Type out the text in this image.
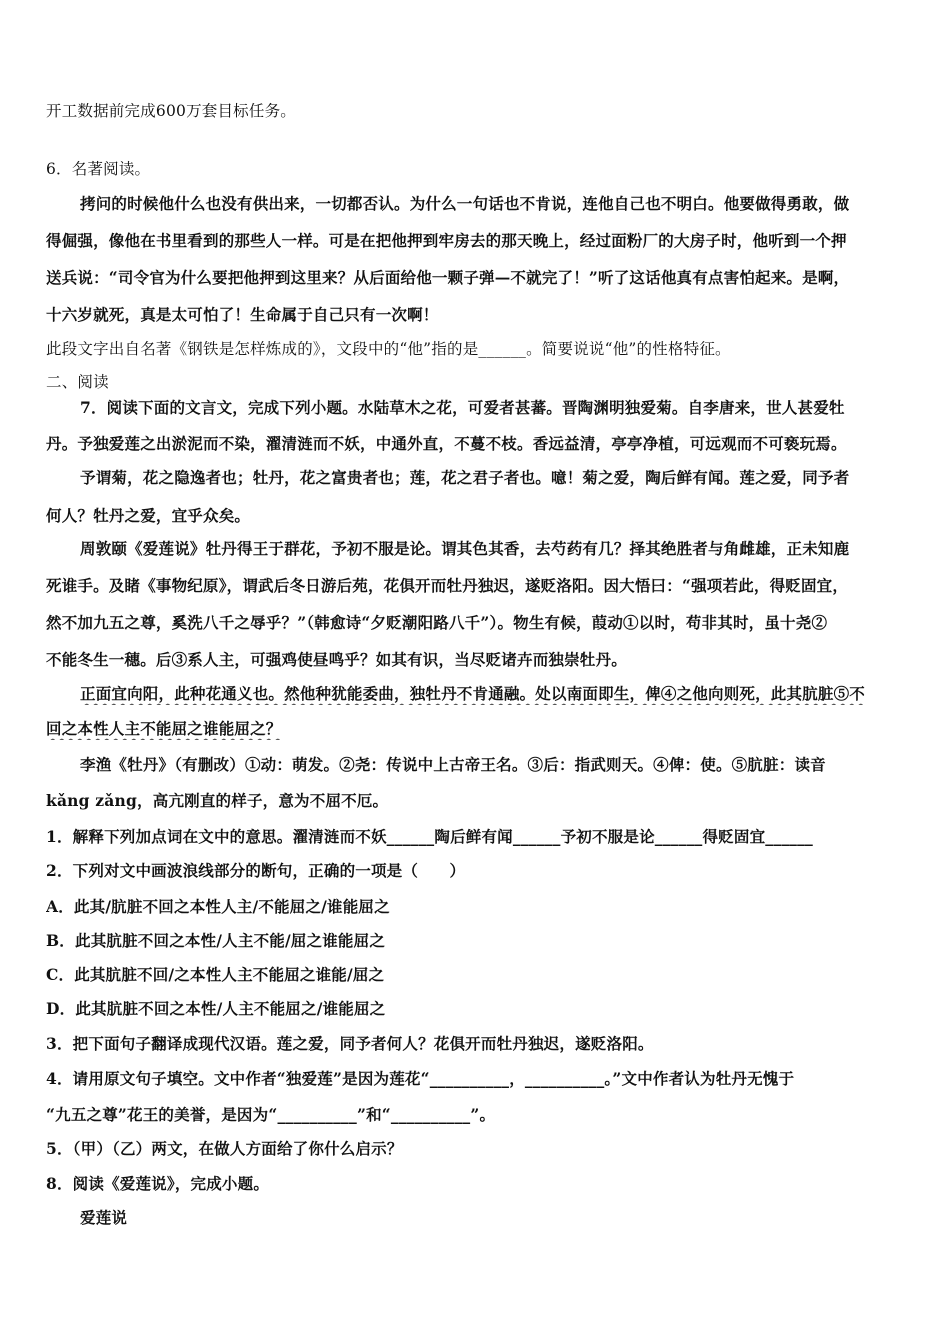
开工数据前完成600万套目标任务。
6．名著阅读。
拷问的时候他什么也没有供出来，一切都否认。为什么一句话也不肯说，连他自己也不明白。他要做得勇敢，做
得倔强，像他在书里看到的那些人一样。可是在把他押到牢房去的那天晚上，经过面粉厂的大房子时，他听到一个押
送兵说：“司令官为什么要把他押到这里来？从后面给他一颗子弹—不就完了！”听了这话他真有点害怕起来。是啊，
十六岁就死，真是太可怕了！生命属于自己只有一次啊！
此段文字出自名著《钢铁是怎样炼成的》，文段中的“他”指的是______。简要说说“他”的性格特征。
二、阅读
7．阅读下面的文言文，完成下列小题。水陆草木之花，可爱者甚蕃。晋陶渊明独爱菊。自李唐来，世人甚爱牡
丹。予独爱莲之出淤泥而不染，濯清涟而不妖，中通外直，不蔓不枝。香远益清，亭亭净植，可远观而不可亵玩焉。
予谓菊，花之隐逸者也；牡丹，花之富贵者也；莲，花之君子者也。噫！菊之爱，陶后鲜有闻。莲之爱，同予者
何人？牡丹之爱，宜乎众矣。
周敦颐《爱莲说》牡丹得王于群花，予初不服是论。谓其色其香，去芍药有几？择其绝胜者与角雌雄，正未知鹿
死谁手。及睹《事物纪原》，谓武后冬日游后苑，花俱开而牡丹独迟，遂贬洛阳。因大悟曰：“强项若此，得贬固宜，
然不加九五之尊，奚洗八千之辱乎？”（韩愈诗“夕贬潮阳路八千”）。物生有候，葭动①以时，苟非其时，虽十尧②
不能冬生一穗。后③系人主，可强鸡使昼鸣乎？如其有识，当尽贬诸卉而独崇牡丹。
正面宜向阳，此种花通义也。然他种犹能委曲，独牡丹不肯通融。处以南面即生，俾④之他向则死，此其肮脏⑤不
回之本性人主不能屈之谁能屈之？
李渔《牡丹》（有删改）①动：萌发。②尧：传说中上古帝王名。③后：指武则天。④俾：使。⑤肮脏：读音
kǎng zǎng，高亢刚直的样子，意为不屈不厄。
1．解释下列加点词在文中的意思。濯清涟而不妖______陶后鲜有闻______予初不服是论______得贬固宜______
2．下列对文中画波浪线部分的断句，正确的一项是（　　）
A．此其/肮脏不回之本性人主/不能屈之/谁能屈之
B．此其肮脏不回之本性/人主不能/屈之谁能屈之
C．此其肮脏不回/之本性人主不能屈之谁能/屈之
D．此其肮脏不回之本性/人主不能屈之/谁能屈之
3．把下面句子翻译成现代汉语。莲之爱，同予者何人？花俱开而牡丹独迟，遂贬洛阳。
4．请用原文句子填空。文中作者“独爱莲”是因为莲花“__________，__________。”文中作者认为牡丹无愧于
“九五之尊”花王的美誉，是因为“__________”和“__________”。
5．（甲）（乙）两文，在做人方面给了你什么启示？
8．阅读《爱莲说》，完成小题。
爱莲说
